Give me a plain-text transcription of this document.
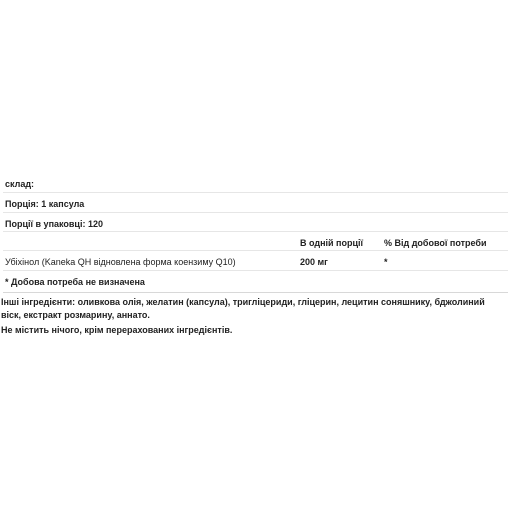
склад:
Порція: 1 капсула
Порції в упаковці: 120
В одній порції % Від добової потреби
Убіхінол (Kaneka QH відновлена форма коензиму Q10)	200 мг	*
* Добова потреба не визначена
Інші інгредієнти: оливкова олія, желатин (капсула), тригліцериди, гліцерин, лецитин соняшнику, бджолиний віск, екстракт розмарину, аннато.
Не містить нічого, крім перерахованих інгредієнтів.
